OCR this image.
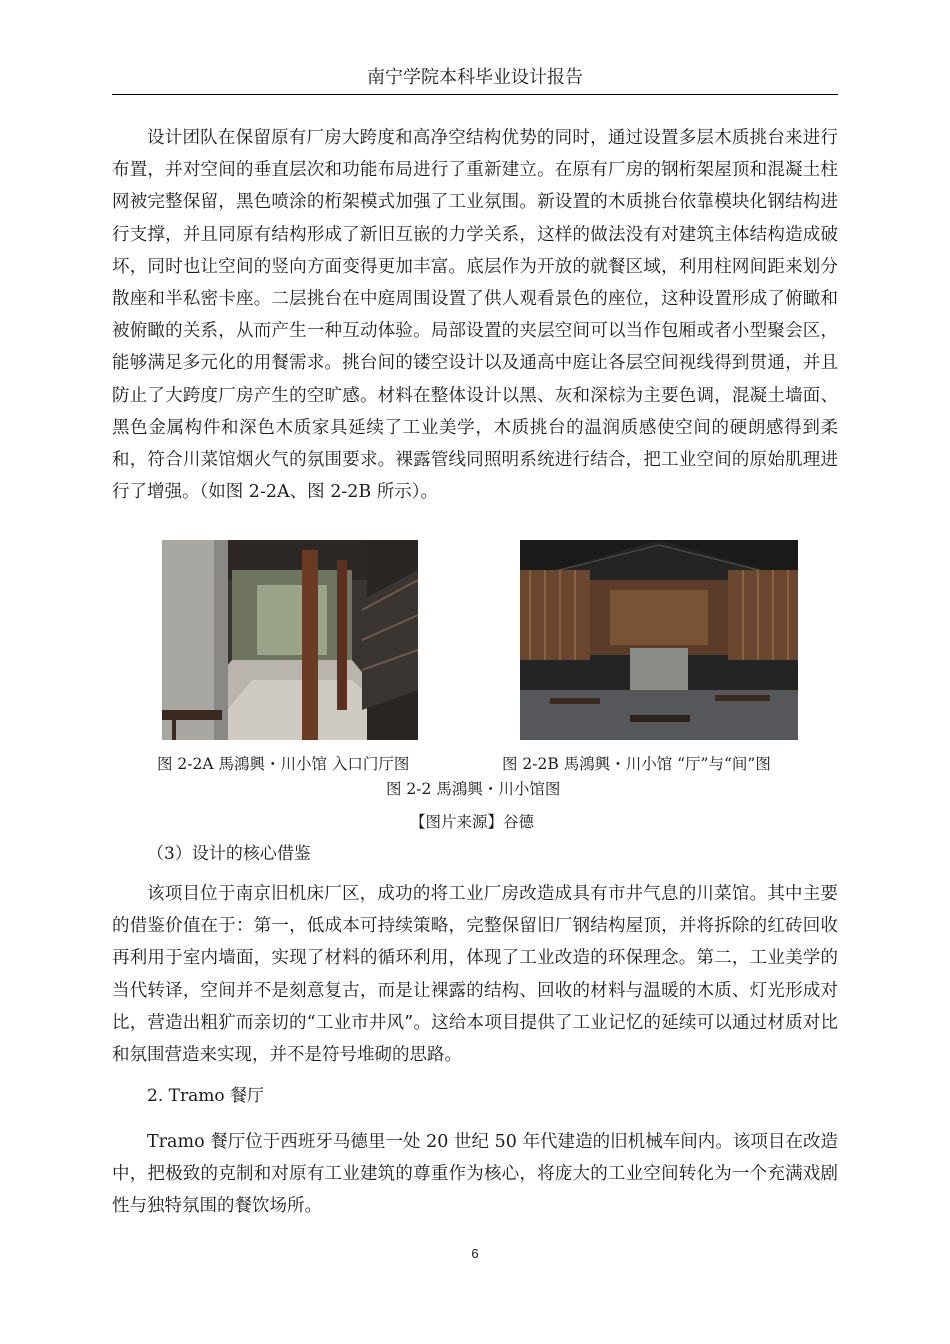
南宁学院本科毕业设计报告

设计团队在保留原有厂房大跨度和高净空结构优势的同时，通过设置多层木质挑台来进行布置，并对空间的垂直层次和功能布局进行了重新建立。在原有厂房的钢桁架屋顶和混凝土柱网被完整保留，黑色喷涂的桁架模式加强了工业氛围。新设置的木质挑台依靠模块化钢结构进行支撑，并且同原有结构形成了新旧互嵌的力学关系，这样的做法没有对建筑主体结构造成破坏，同时也让空间的竖向方面变得更加丰富。底层作为开放的就餐区域，利用柱网间距来划分散座和半私密卡座。二层挑台在中庭周围设置了供人观看景色的座位，这种设置形成了俯瞰和被俯瞰的关系，从而产生一种互动体验。局部设置的夹层空间可以当作包厢或者小型聚会区，能够满足多元化的用餐需求。挑台间的镂空设计以及通高中庭让各层空间视线得到贯通，并且防止了大跨度厂房产生的空旷感。材料在整体设计以黑、灰和深棕为主要色调，混凝土墙面、黑色金属构件和深色木质家具延续了工业美学，木质挑台的温润质感使空间的硬朗感得到柔和，符合川菜馆烟火气的氛围要求。裸露管线同照明系统进行结合，把工业空间的原始肌理进行了增强。（如图 2-2A、图 2-2B 所示）。

图 2-2A 馬鴻興・川小馆 入口门厅图	图 2-2B 馬鴻興・川小馆 “厅”与“间”图
图 2-2 馬鴻興・川小馆图
【图片来源】谷德

（3）设计的核心借鉴

该项目位于南京旧机床厂区，成功的将工业厂房改造成具有市井气息的川菜馆。其中主要的借鉴价值在于：第一，低成本可持续策略，完整保留旧厂钢结构屋顶，并将拆除的红砖回收再利用于室内墙面，实现了材料的循环利用，体现了工业改造的环保理念。第二，工业美学的当代转译，空间并不是刻意复古，而是让裸露的结构、回收的材料与温暖的木质、灯光形成对比，营造出粗犷而亲切的“工业市井风”。这给本项目提供了工业记忆的延续可以通过材质对比和氛围营造来实现，并不是符号堆砌的思路。

2. Tramo 餐厅

Tramo 餐厅位于西班牙马德里一处 20 世纪 50 年代建造的旧机械车间内。该项目在改造中，把极致的克制和对原有工业建筑的尊重作为核心，将庞大的工业空间转化为一个充满戏剧性与独特氛围的餐饮场所。

6
